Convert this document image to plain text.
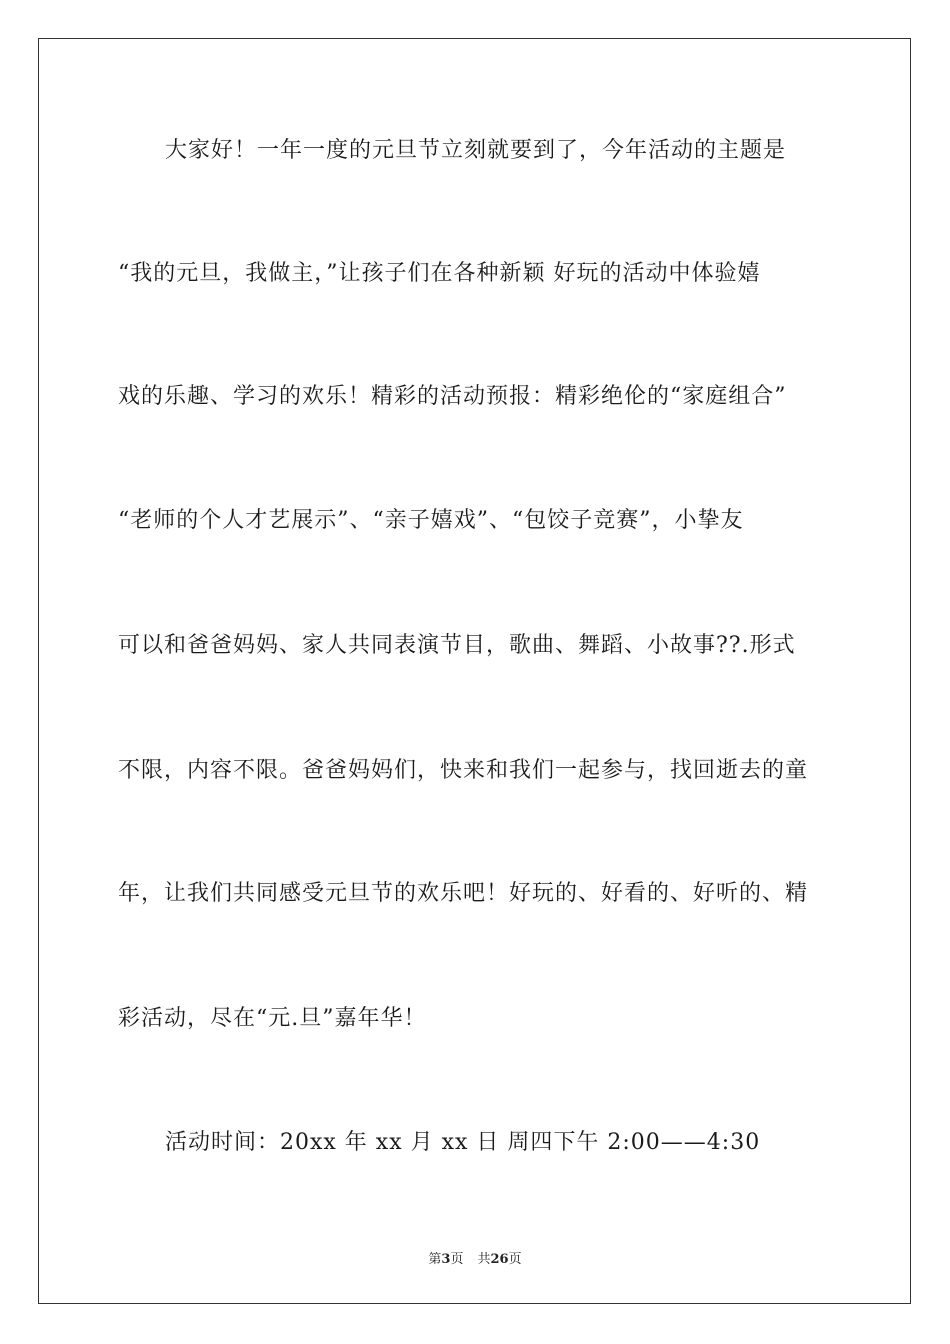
大家好！一年一度的元旦节立刻就要到了，今年活动的主题是
“我的元旦，我做主，”让孩子们在各种新颖 好玩的活动中体验嬉
戏的乐趣、学习的欢乐！精彩的活动预报：精彩绝伦的“家庭组合”
“老师的个人才艺展示”、“亲子嬉戏”、“包饺子竞赛”，小挚友
可以和爸爸妈妈、家人共同表演节目，歌曲、舞蹈、小故事??.形式
不限，内容不限。爸爸妈妈们，快来和我们一起参与，找回逝去的童
年，让我们共同感受元旦节的欢乐吧！好玩的、好看的、好听的、精
彩活动，尽在“元.旦”嘉年华！
活动时间：20xx 年 xx 月 xx 日 周四下午 2:00——4:30
第3页 共26页
